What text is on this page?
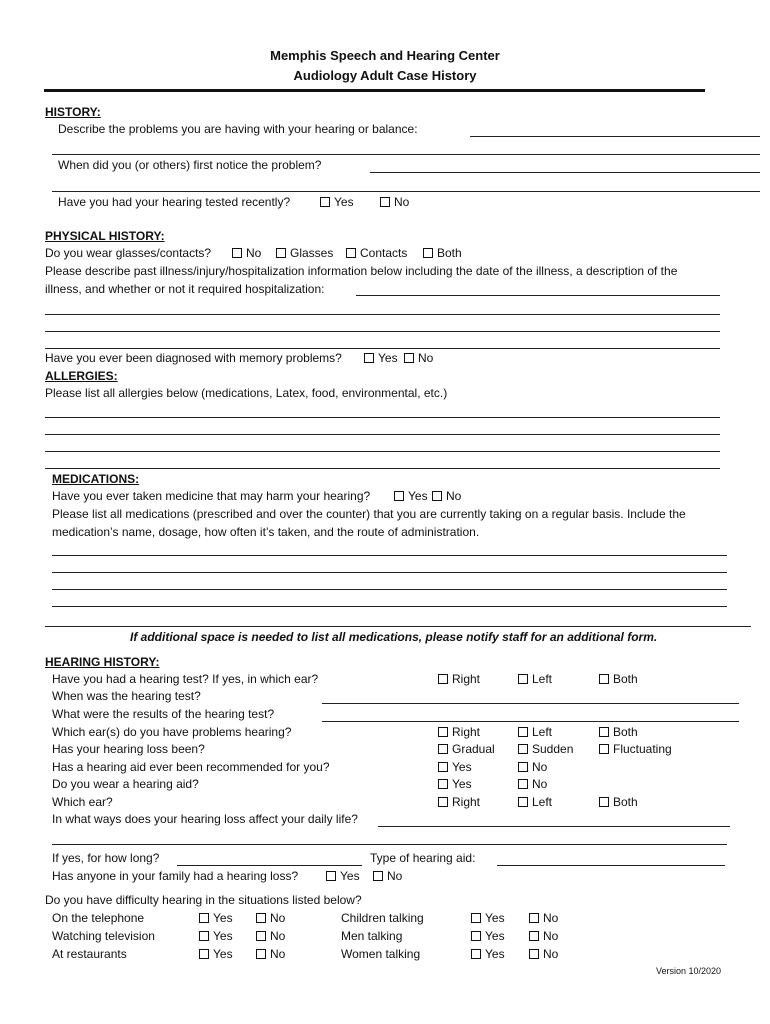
Memphis Speech and Hearing Center
Audiology Adult Case History
HISTORY:
Describe the problems you are having with your hearing or balance:
When did you (or others) first notice the problem?
Have you had your hearing tested recently?	Yes	No
PHYSICAL HISTORY:
Do you wear glasses/contacts?	No	Glasses	Contacts	Both
Please describe past illness/injury/hospitalization information below including the date of the illness, a description of the
illness, and whether or not it required hospitalization:
Have you ever been diagnosed with memory problems?	Yes	No
ALLERGIES:
Please list all allergies below (medications, Latex, food, environmental, etc.)
MEDICATIONS:
Have you ever taken medicine that may harm your hearing?	Yes	No
Please list all medications (prescribed and over the counter) that you are currently taking on a regular basis. Include the
medication’s name, dosage, how often it’s taken, and the route of administration.
If additional space is needed to list all medications, please notify staff for an additional form.
HEARING HISTORY:
Have you had a hearing test? If yes, in which ear?	Right	Left	Both
When was the hearing test?
What were the results of the hearing test?
Which ear(s) do you have problems hearing?	Right	Left	Both
Has your hearing loss been?	Gradual	Sudden	Fluctuating
Has a hearing aid ever been recommended for you?	Yes	No
Do you wear a hearing aid?	Yes	No
Which ear?	Right	Left	Both
In what ways does your hearing loss affect your daily life?
If yes, for how long?	Type of hearing aid:
Has anyone in your family had a hearing loss?	Yes	No
Do you have difficulty hearing in the situations listed below?
On the telephone	Yes	No	Children talking	Yes	No
Watching television	Yes	No	Men talking	Yes	No
At restaurants	Yes	No	Women talking	Yes	No
Version 10/2020
